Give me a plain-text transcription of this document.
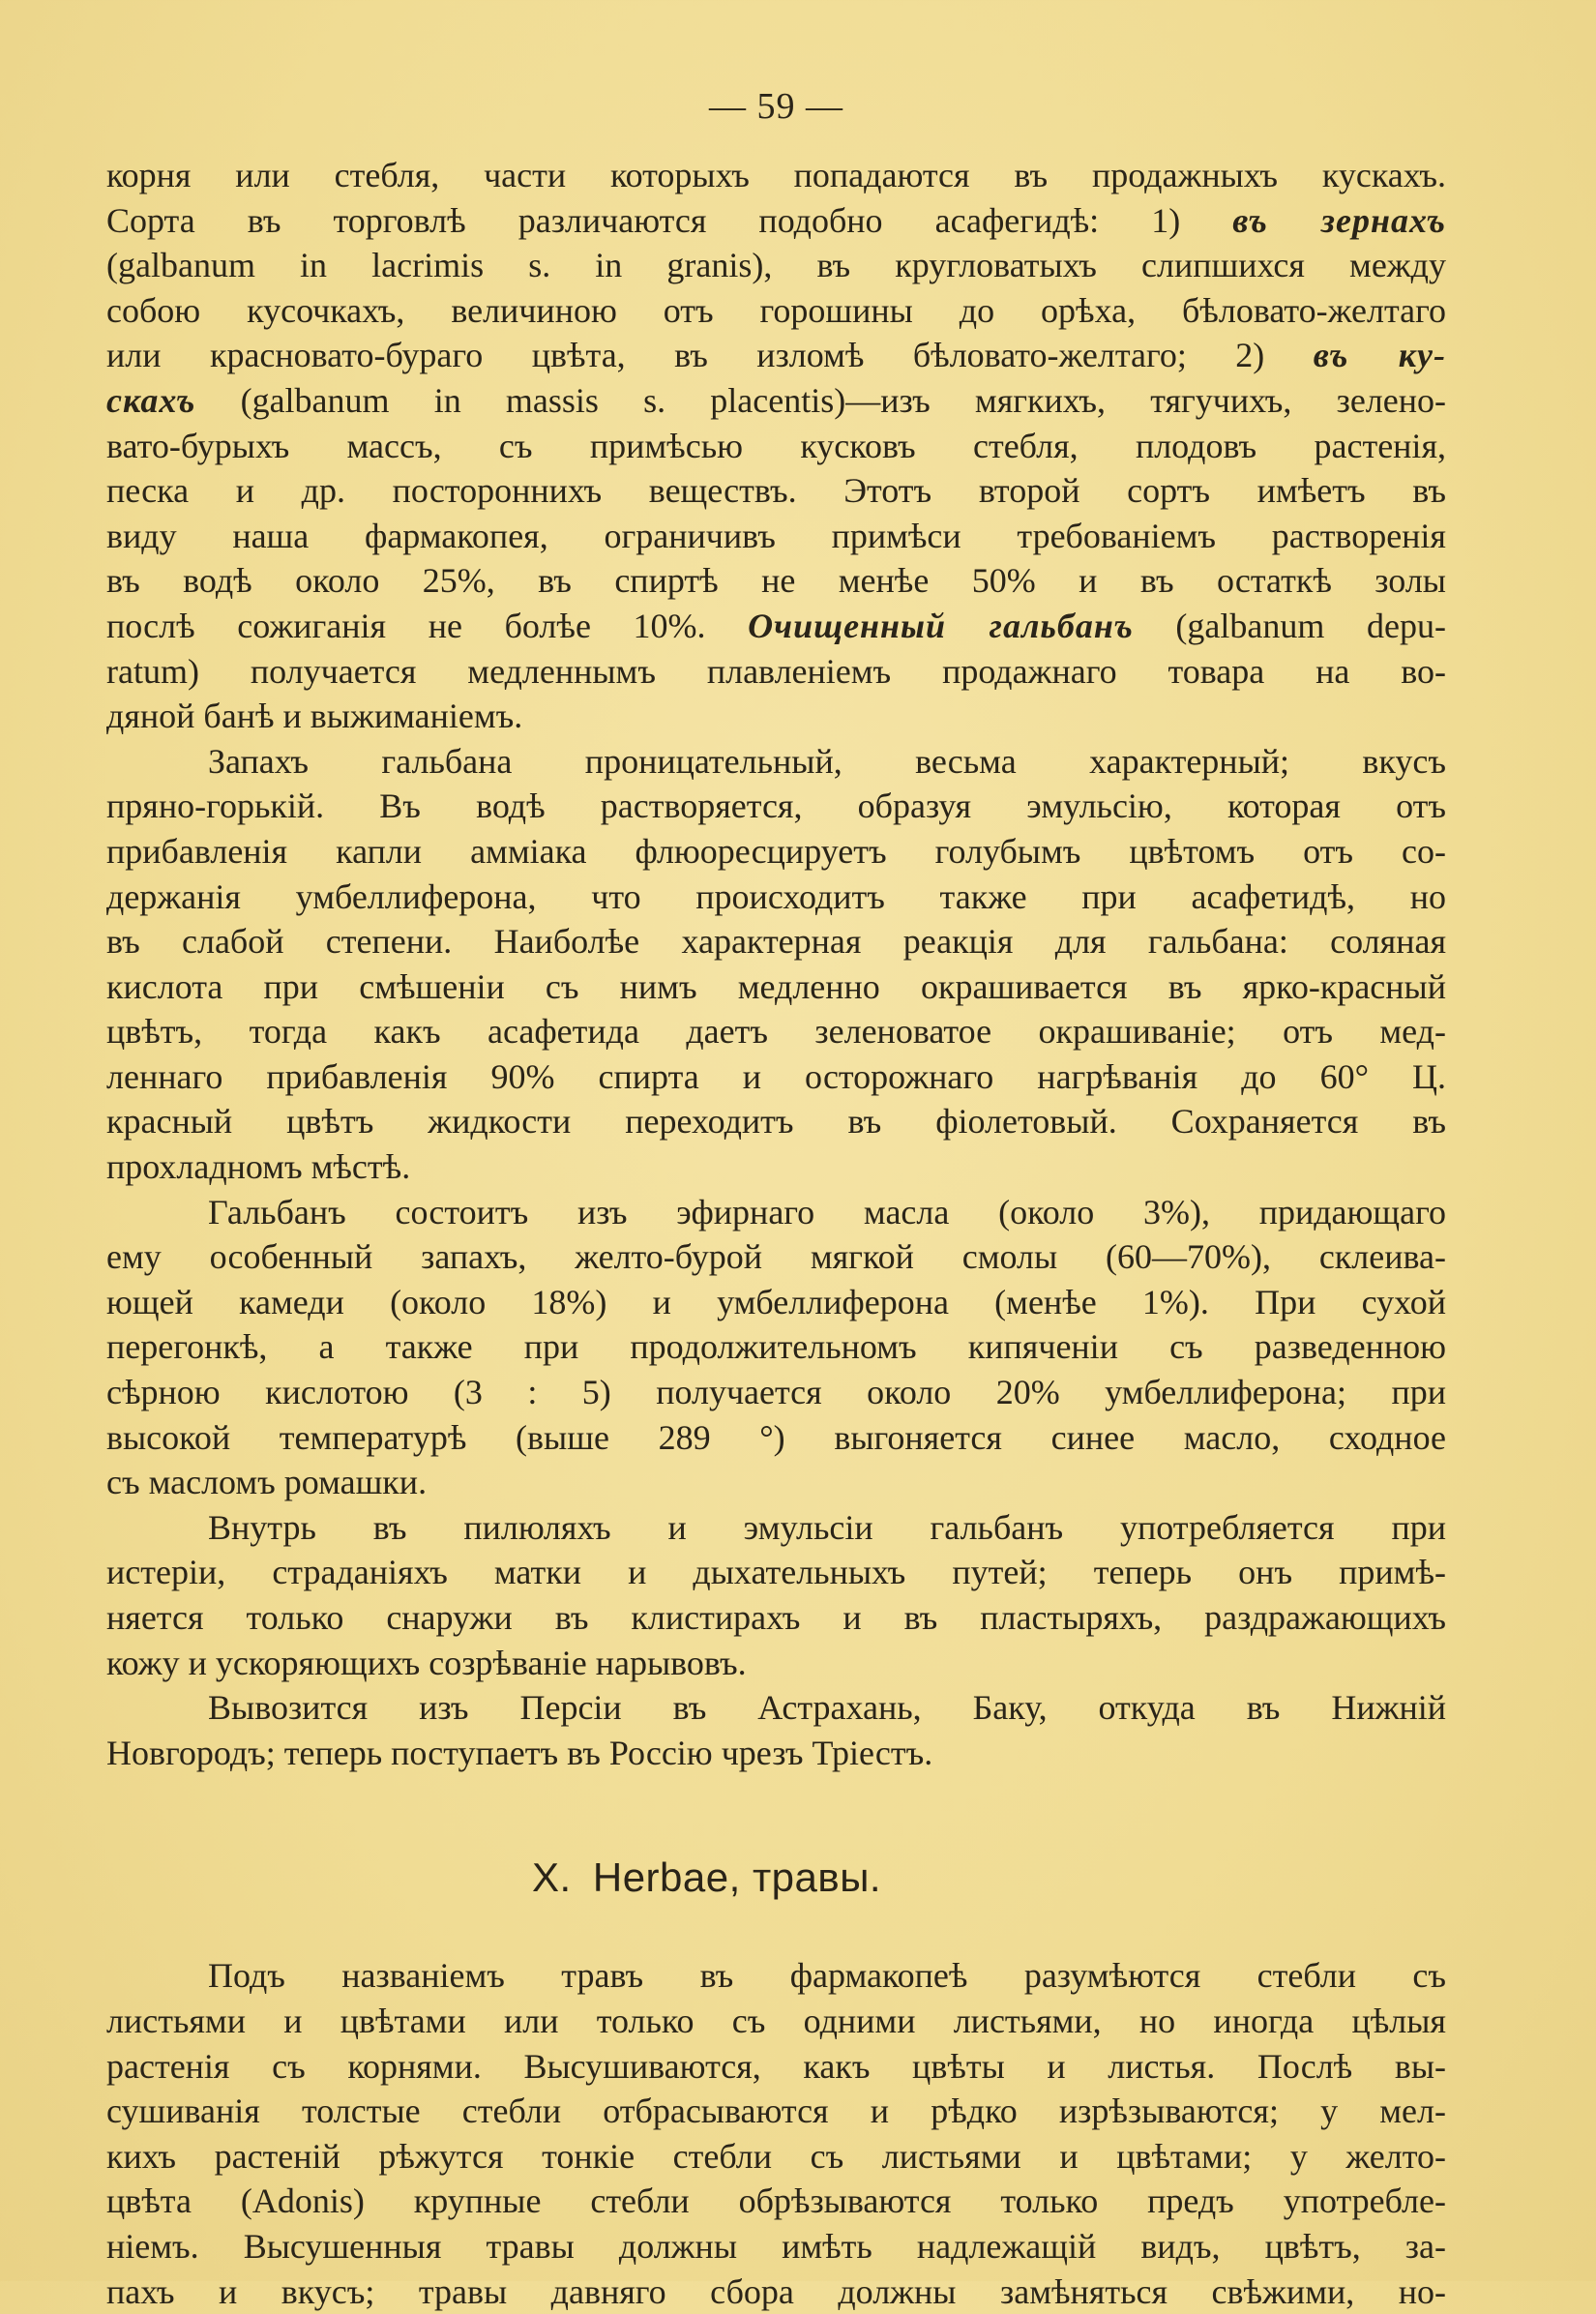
— 59 —
корня или стебля, части которыхъ попадаются въ продажныхъ кускахъ.
Сорта въ торговлѣ различаются подобно асафегидѣ: 1) въ зернахъ
(galbanum in lacrimis s. in granis), въ кругловатыхъ слипшихся между
собою кусочкахъ, величиною отъ горошины до орѣха, бѣловато-желтаго
или красновато-бураго цвѣта, въ изломѣ бѣловато-желтаго; 2) въ ку-
скахъ (galbanum in massis s. placentis)—изъ мягкихъ, тягучихъ, зелено-
вато-бурыхъ массъ, съ примѣсью кусковъ стебля, плодовъ растенія,
песка и др. постороннихъ веществъ. Этотъ второй сортъ имѣетъ въ
виду наша фармакопея, ограничивъ примѣси требованіемъ растворенія
въ водѣ около 25%, въ спиртѣ не менѣе 50% и въ остаткѣ золы
послѣ сожиганія не болѣе 10%. Очищенный гальбанъ (galbanum depu-
ratum) получается медленнымъ плавленіемъ продажнаго товара на во-
дяной банѣ и выжиманіемъ.
Запахъ гальбана проницательный, весьма характерный; вкусъ
пряно-горькій. Въ водѣ растворяется, образуя эмульсію, которая отъ
прибавленія капли амміака флюоресцируетъ голубымъ цвѣтомъ отъ со-
держанія умбеллиферона, что происходитъ также при асафетидѣ, но
въ слабой степени. Наиболѣе характерная реакція для гальбана: соляная
кислота при смѣшеніи съ нимъ медленно окрашивается въ ярко-красный
цвѣтъ, тогда какъ асафетида даетъ зеленоватое окрашиваніе; отъ мед-
леннаго прибавленія 90% спирта и осторожнаго нагрѣванія до 60° Ц.
красный цвѣтъ жидкости переходитъ въ фіолетовый. Сохраняется въ
прохладномъ мѣстѣ.
Гальбанъ состоитъ изъ эфирнаго масла (около 3%), придающаго
ему особенный запахъ, желто-бурой мягкой смолы (60—70%), склеива-
ющей камеди (около 18%) и умбеллиферона (менѣе 1%). При сухой
перегонкѣ, а также при продолжительномъ кипяченіи съ разведенною
сѣрною кислотою (3 : 5) получается около 20% умбеллиферона; при
высокой температурѣ (выше 289 °) выгоняется синее масло, сходное
съ масломъ ромашки.
Внутрь въ пилюляхъ и эмульсіи гальбанъ употребляется при
истеріи, страданіяхъ матки и дыхательныхъ путей; теперь онъ примѣ-
няется только снаружи въ клистирахъ и въ пластыряхъ, раздражающихъ
кожу и ускоряющихъ созрѣваніе нарывовъ.
Вывозится изъ Персіи въ Астрахань, Баку, откуда въ Нижній
Новгородъ; теперь поступаетъ въ Россію чрезъ Тріестъ.
X. Herbae, травы.
Подъ названіемъ травъ въ фармакопеѣ разумѣются стебли съ
листьями и цвѣтами или только съ одними листьями, но иногда цѣлыя
растенія съ корнями. Высушиваются, какъ цвѣты и листья. Послѣ вы-
сушиванія толстые стебли отбрасываются и рѣдко изрѣзываются; у мел-
кихъ растеній рѣжутся тонкіе стебли съ листьями и цвѣтами; у желто-
цвѣта (Adonis) крупные стебли обрѣзываются только предъ употребле-
ніемъ. Высушенныя травы должны имѣть надлежащій видъ, цвѣтъ, за-
пахъ и вкусъ; травы давняго сбора должны замѣняться свѣжими, но-
